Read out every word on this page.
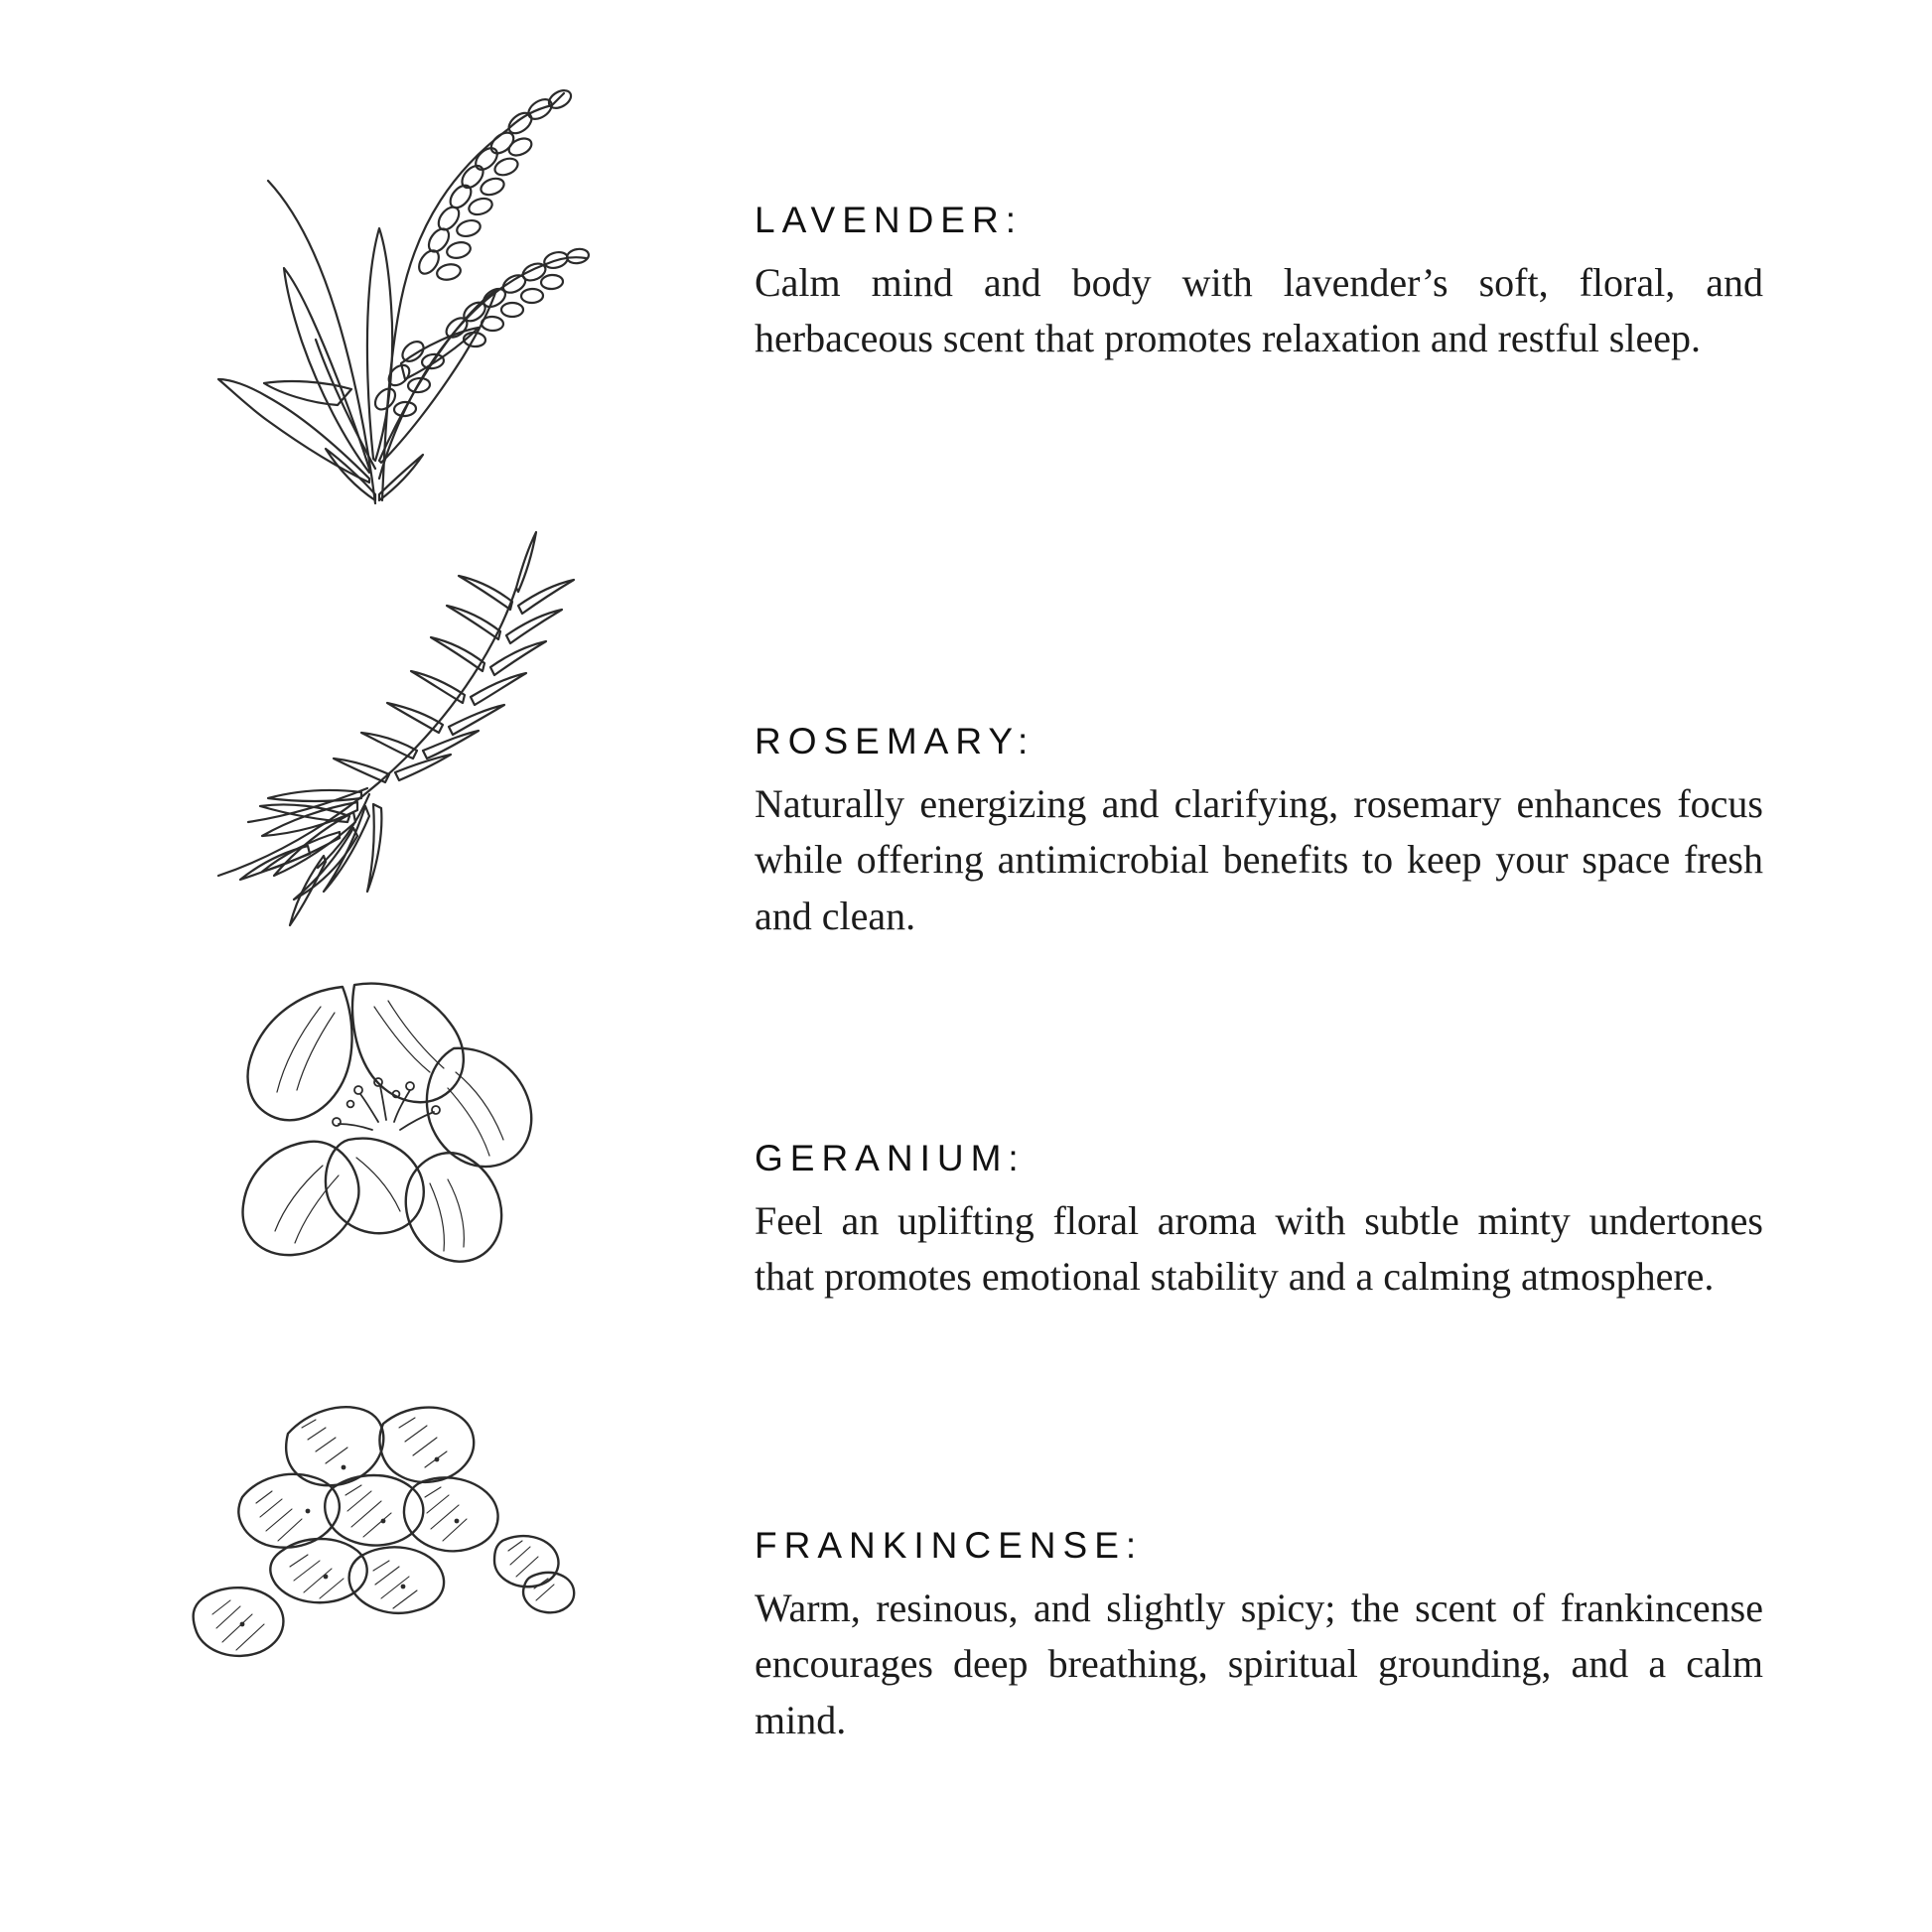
LAVENDER:

Calm mind and body with lavender’s soft, floral, and herbaceous scent that promotes relaxation and restful sleep.

ROSEMARY:

Naturally energizing and clarifying, rosemary enhances focus while offering antimicrobial benefits to keep your space fresh and clean.

GERANIUM:

Feel an uplifting floral aroma with subtle minty undertones that promotes emotional stability and a calming atmosphere.

FRANKINCENSE:

Warm, resinous, and slightly spicy; the scent of frankincense encourages deep breathing, spiritual grounding, and a calm mind.
